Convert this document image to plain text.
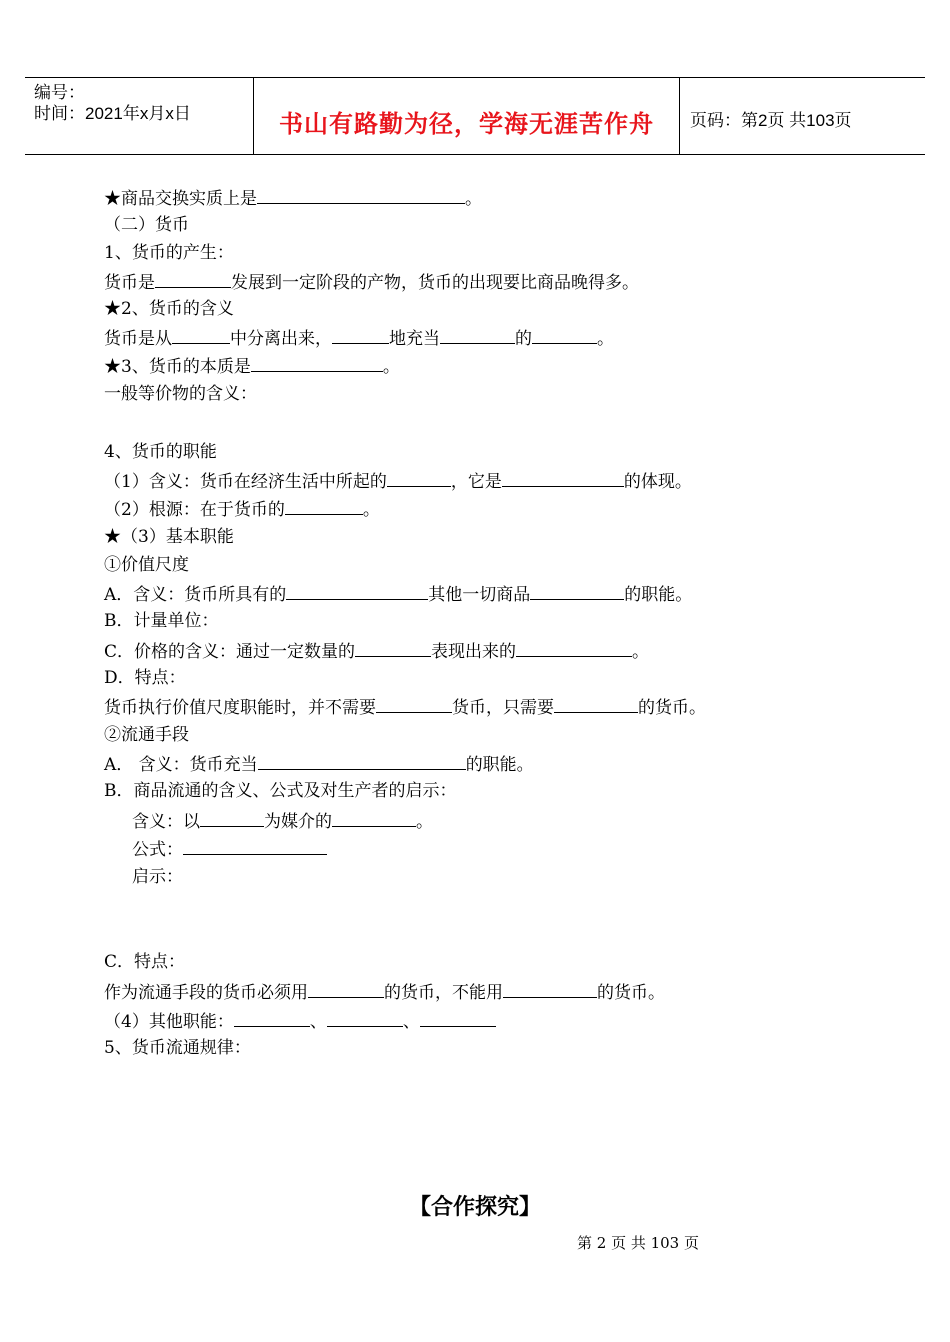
编号：
时间：2021年x月x日	书山有路勤为径，学海无涯苦作舟	页码：第2页 共103页
★商品交换实质上是	。
（二）货币
1、货币的产生：
货币是	发展到一定阶段的产物，货币的出现要比商品晚得多。
★2、货币的含义
货币是从	中分离出来，	地充当	的	。
★3、货币的本质是	。
一般等价物的含义：
4、货币的职能
（1）含义：货币在经济生活中所起的	，它是	的体现。
（2）根源：在于货币的	。
★（3）基本职能
①价值尺度
A．含义：货币所具有的	其他一切商品	的职能。
B．计量单位：
C．价格的含义：通过一定数量的	表现出来的	。
D．特点：
货币执行价值尺度职能时，并不需要	货币，只需要	的货币。
②流通手段
A． 含义：货币充当	的职能。
B．商品流通的含义、公式及对生产者的启示：
含义：以	为媒介的	。
公式：
启示：
C．特点：
作为流通手段的货币必须用	的货币，不能用	的货币。
（4）其他职能：	、	、
5、货币流通规律：
【合作探究】
第 2 页 共 103 页
